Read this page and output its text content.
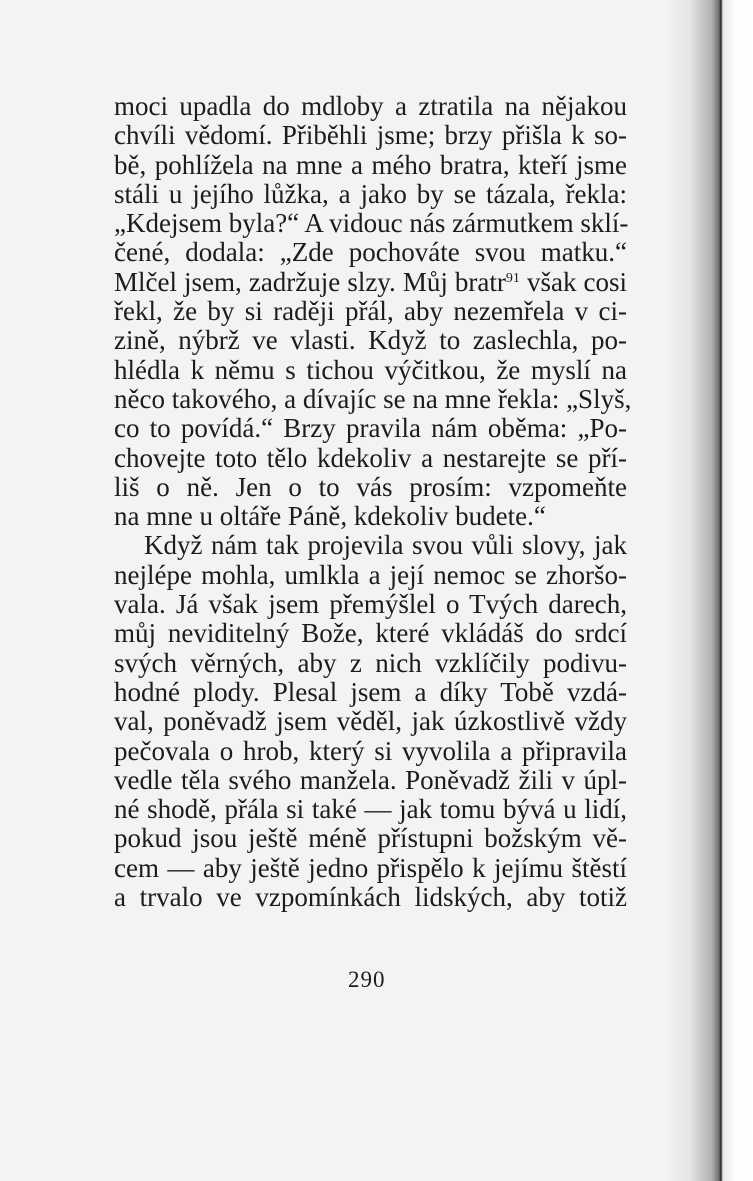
moci upadla do mdloby a ztratila na nějakou
chvíli vědomí. Přiběhli jsme; brzy přišla k so-
bě, pohlížela na mne a mého bratra, kteří jsme
stáli u jejího lůžka, a jako by se tázala, řekla:
„Kdejsem byla?“ A vidouc nás zármutkem sklí-
čené, dodala: „Zde pochováte svou matku.“
Mlčel jsem, zadržuje slzy. Můj bratr$^{91}$ však cosi
řekl, že by si raději přál, aby nezemřela v ci-
zině, nýbrž ve vlasti. Když to zaslechla, po-
hlédla k němu s tichou výčitkou, že myslí na
něco takového, a dívajíc se na mne řekla: „Slyš,
co to povídá.“ Brzy pravila nám oběma: „Po-
chovejte toto tělo kdekoliv a nestarejte se pří-
liš o ně. Jen o to vás prosím: vzpomeňte
na mne u oltáře Páně, kdekoliv budete.“
Když nám tak projevila svou vůli slovy, jak
nejlépe mohla, umlkla a její nemoc se zhoršo-
vala. Já však jsem přemýšlel o Tvých darech,
můj neviditelný Bože, které vkládáš do srdcí
svých věrných, aby z nich vzklíčily podivu-
hodné plody. Plesal jsem a díky Tobě vzdá-
val, poněvadž jsem věděl, jak úzkostlivě vždy
pečovala o hrob, který si vyvolila a připravila
vedle těla svého manžela. Poněvadž žili v úpl-
né shodě, přála si také — jak tomu bývá u lidí,
pokud jsou ještě méně přístupni božským vě-
cem — aby ještě jedno přispělo k jejímu štěstí
a trvalo ve vzpomínkách lidských, aby totiž
290
